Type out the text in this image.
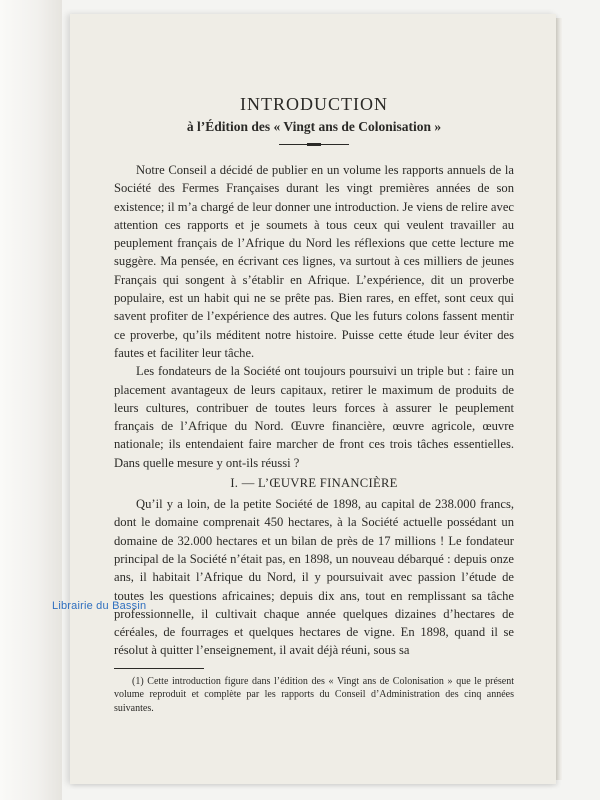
INTRODUCTION
à l’Édition des « Vingt ans de Colonisation »

Notre Conseil a décidé de publier en un volume les rapports annuels de la Société des Fermes Françaises durant les vingt premières années de son existence; il m’a chargé de leur donner une introduction. Je viens de relire avec attention ces rapports et je soumets à tous ceux qui veulent travailler au peuplement français de l’Afrique du Nord les réflexions que cette lecture me suggère. Ma pensée, en écrivant ces lignes, va surtout à ces milliers de jeunes Français qui songent à s’établir en Afrique. L’expérience, dit un proverbe populaire, est un habit qui ne se prête pas. Bien rares, en effet, sont ceux qui savent profiter de l’expérience des autres. Que les futurs colons fassent mentir ce proverbe, qu’ils méditent notre histoire. Puisse cette étude leur éviter des fautes et faciliter leur tâche.

Les fondateurs de la Société ont toujours poursuivi un triple but : faire un placement avantageux de leurs capitaux, retirer le maximum de produits de leurs cultures, contribuer de toutes leurs forces à assurer le peuplement français de l’Afrique du Nord. Œuvre financière, œuvre agricole, œuvre nationale; ils entendaient faire marcher de front ces trois tâches essentielles. Dans quelle mesure y ont-ils réussi ?

I. — L’ŒUVRE FINANCIÈRE

Qu’il y a loin, de la petite Société de 1898, au capital de 238.000 francs, dont le domaine comprenait 450 hectares, à la Société actuelle possédant un domaine de 32.000 hectares et un bilan de près de 17 millions ! Le fondateur principal de la Société n’était pas, en 1898, un nouveau débarqué : depuis onze ans, il habitait l’Afrique du Nord, il y poursuivait avec passion l’étude de toutes les questions africaines; depuis dix ans, tout en remplissant sa tâche professionnelle, il cultivait chaque année quelques dizaines d’hectares de céréales, de fourrages et quelques hectares de vigne. En 1898, quand il se résolut à quitter l’enseignement, il avait déjà réuni, sous sa

(1) Cette introduction figure dans l’édition des « Vingt ans de Colonisation » que le présent volume reproduit et complète par les rapports du Conseil d’Administration des cinq années suivantes.

Librairie du Bassin
